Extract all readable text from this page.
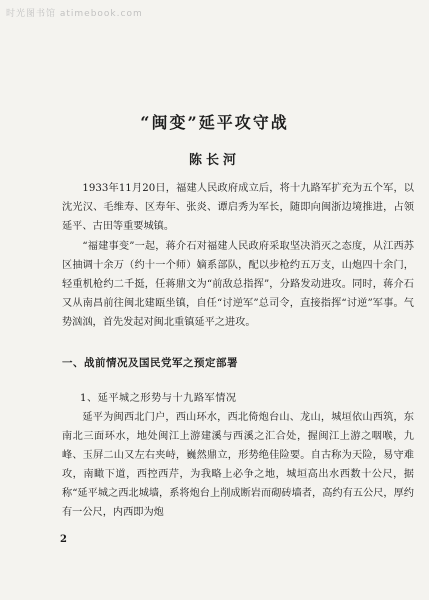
时光图书馆 atimebook.com
“闽变”延平攻守战
陈长河

1933年11月20日，福建人民政府成立后，将十九路军扩充为五个军，以沈光汉、毛维寿、区寿年、张炎、谭启秀为军长，随即向闽浙边境推进，占领延平、古田等重要城镇。

“福建事变”一起，蒋介石对福建人民政府采取坚决消灭之态度，从江西苏区抽调十余万（约十一个师）嫡系部队，配以步枪约五万支，山炮四十余门，轻重机枪约二千挺，任蒋鼎文为“前敌总指挥”，分路发动进攻。同时，蒋介石又从南昌前往闽北建瓯坐镇，自任“讨逆军”总司令，直接指挥“讨逆”军事。气势汹汹，首先发起对闽北重镇延平之进攻。

一、战前情况及国民党军之预定部署
1、延平城之形势与十九路军情况

延平为闽西北门户，西山环水，西北倚炮台山、龙山，城垣依山西筑，东南北三面环水，地处闽江上游建溪与西溪之汇合处，握闽江上游之咽喉，九峰、玉屏二山又左右夹峙，巍然鼎立，形势绝佳险要。自古称为天险，易守难攻，南瞰下道，西控西芹，为我略上必争之地，城垣高出水西数十公尺，据称“延平城之西北城墙，系将炮台上削成断岩而砌砖墙者，高约有五公尺，厚约有一公尺，内西即为炮

2
